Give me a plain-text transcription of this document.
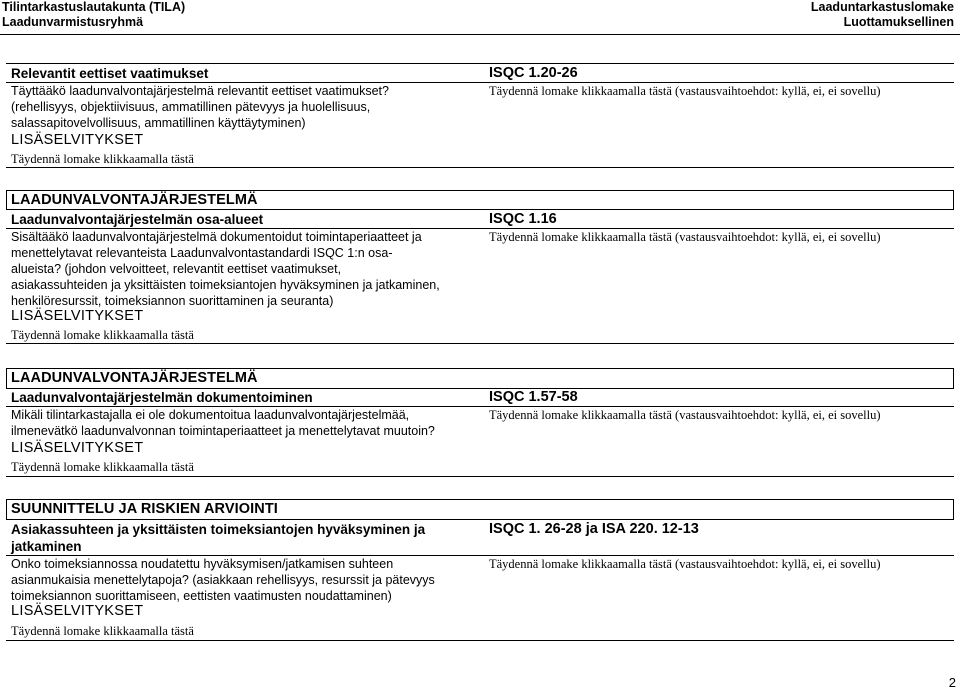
Tilintarkastuslautakunta (TILA)
Laadunvarmistusryhmä
Laaduntarkastuslomake
Luottamuksellinen
Relevantit eettiset vaatimukset	ISQC 1.20-26
Täyttääkö laadunvalvontajärjestelmä relevantit eettiset vaatimukset?
(rehellisyys, objektiivisuus, ammatillinen pätevyys ja huolellisuus,
salassapitovelvollisuus, ammatillinen käyttäytyminen)
Täydennä lomake klikkaamalla tästä (vastausvaihtoehdot: kyllä, ei, ei sovellu)
LISÄSELVITYKSET
Täydennä lomake klikkaamalla tästä
LAADUNVALVONTAJÄRJESTELMÄ
Laadunvalvontajärjestelmän osa-alueet	ISQC 1.16
Sisältääkö laadunvalvontajärjestelmä dokumentoidut toimintaperiaatteet ja
menettelytavat relevanteista Laadunvalvontastandardi ISQC 1:n osa-
alueista? (johdon velvoitteet, relevantit eettiset vaatimukset,
asiakassuhteiden ja yksittäisten toimeksiantojen hyväksyminen ja jatkaminen,
henkilöresurssit, toimeksiannon suorittaminen ja seuranta)
Täydennä lomake klikkaamalla tästä (vastausvaihtoehdot: kyllä, ei, ei sovellu)
LISÄSELVITYKSET
Täydennä lomake klikkaamalla tästä
LAADUNVALVONTAJÄRJESTELMÄ
Laadunvalvontajärjestelmän dokumentoiminen	ISQC 1.57-58
Mikäli tilintarkastajalla ei ole dokumentoitua laadunvalvontajärjestelmää,
ilmenevätkö laadunvalvonnan toimintaperiaatteet ja menettelytavat muutoin?
Täydennä lomake klikkaamalla tästä (vastausvaihtoehdot: kyllä, ei, ei sovellu)
LISÄSELVITYKSET
Täydennä lomake klikkaamalla tästä
SUUNNITTELU JA RISKIEN ARVIOINTI
Asiakassuhteen ja yksittäisten toimeksiantojen hyväksyminen ja
jatkaminen
ISQC 1. 26-28 ja ISA 220. 12-13
Onko toimeksiannossa noudatettu hyväksymisen/jatkamisen suhteen
asianmukaisia menettelytapoja? (asiakkaan rehellisyys, resurssit ja pätevyys
toimeksiannon suorittamiseen, eettisten vaatimusten noudattaminen)
Täydennä lomake klikkaamalla tästä (vastausvaihtoehdot: kyllä, ei, ei sovellu)
LISÄSELVITYKSET
Täydennä lomake klikkaamalla tästä
2
